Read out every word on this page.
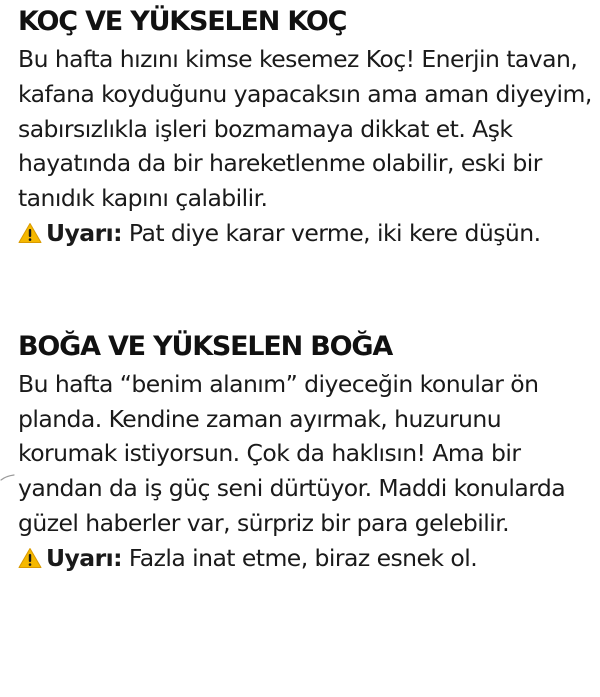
KOÇ VE YÜKSELEN KOÇ

Bu hafta hızını kimse kesemez Koç! Enerjin tavan, kafana koyduğunu yapacaksın ama aman diyeyim, sabırsızlıkla işleri bozmamaya dikkat et. Aşk hayatında da bir hareketlenme olabilir, eski bir tanıdık kapını çalabilir.

Uyarı: Pat diye karar verme, iki kere düşün.

BOĞA VE YÜKSELEN BOĞA

Bu hafta “benim alanım” diyeceğin konular ön planda. Kendine zaman ayırmak, huzurunu korumak istiyorsun. Çok da haklısın! Ama bir yandan da iş güç seni dürtüyor. Maddi konularda güzel haberler var, sürpriz bir para gelebilir.

Uyarı: Fazla inat etme, biraz esnek ol.
